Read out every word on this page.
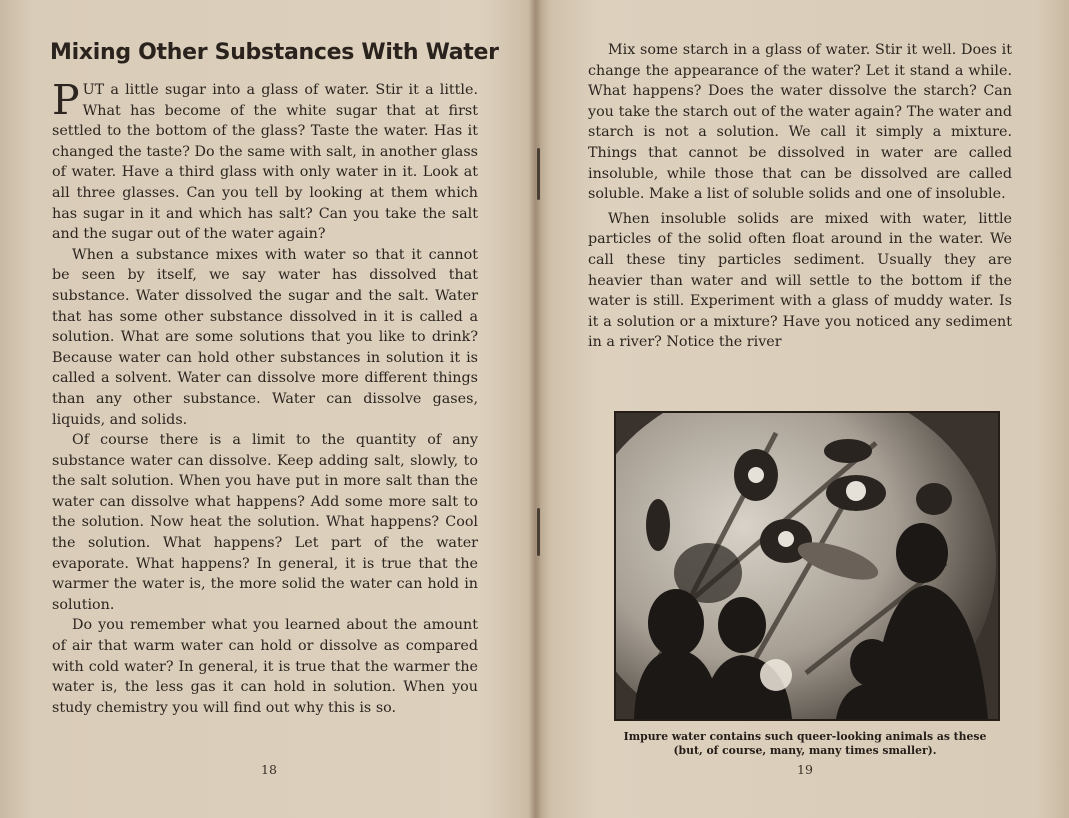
Mixing Other Substances With Water

PUT a little sugar into a glass of water. Stir it a little. What has become of the white sugar that at first settled to the bottom of the glass? Taste the water. Has it changed the taste? Do the same with salt, in another glass of water. Have a third glass with only water in it. Look at all three glasses. Can you tell by looking at them which has sugar in it and which has salt? Can you take the salt and the sugar out of the water again?

When a substance mixes with water so that it cannot be seen by itself, we say water has dissolved that substance. Water dissolved the sugar and the salt. Water that has some other substance dissolved in it is called a solution. What are some solutions that you like to drink? Because water can hold other substances in solution it is called a solvent. Water can dissolve more different things than any other substance. Water can dissolve gases, liquids, and solids.

Of course there is a limit to the quantity of any substance water can dissolve. Keep adding salt, slowly, to the salt solution. When you have put in more salt than the water can dissolve what happens? Add some more salt to the solution. Now heat the solution. What happens? Cool the solution. What happens? Let part of the water evaporate. What happens? In general, it is true that the warmer the water is, the more solid the water can hold in solution.

Do you remember what you learned about the amount of air that warm water can hold or dissolve as compared with cold water? In general, it is true that the warmer the water is, the less gas it can hold in solution. When you study chemistry you will find out why this is so.

18

Mix some starch in a glass of water. Stir it well. Does it change the appearance of the water? Let it stand a while. What happens? Does the water dissolve the starch? Can you take the starch out of the water again? The water and starch is not a solution. We call it simply a mixture. Things that cannot be dissolved in water are called insoluble, while those that can be dissolved are called soluble. Make a list of soluble solids and one of insoluble.

When insoluble solids are mixed with water, little particles of the solid often float around in the water. We call these tiny particles sediment. Usually they are heavier than water and will settle to the bottom if the water is still. Experiment with a glass of muddy water. Is it a solution or a mixture? Have you noticed any sediment in a river? Notice the river

Impure water contains such queer-looking animals as these
(but, of course, many, many times smaller).
19
